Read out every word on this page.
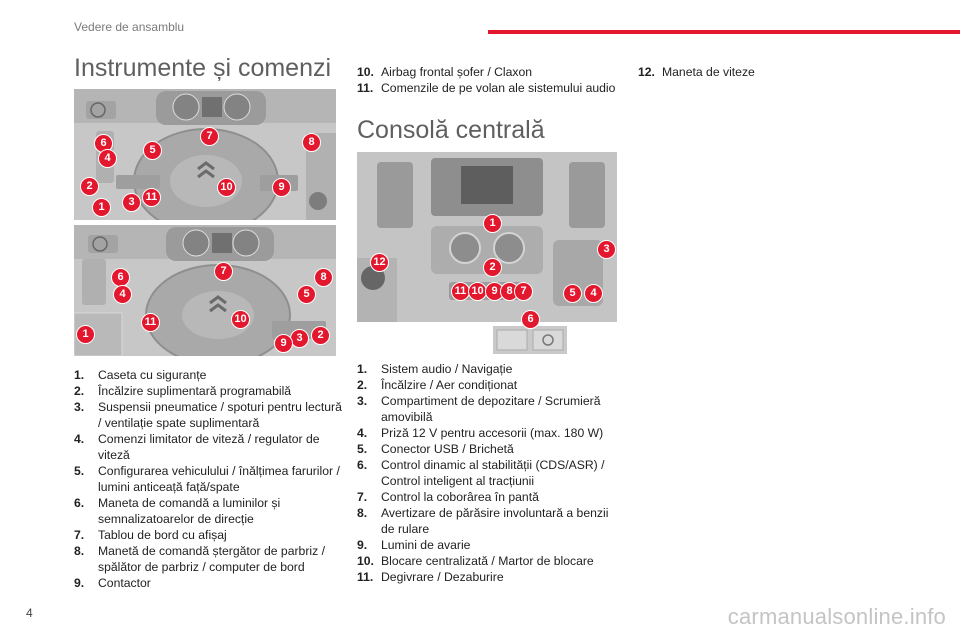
Vedere de ansamblu
Instrumente și comenzi
6
4
5
7	8
2
3	11
10	9
1
6
4
7	8
5
1
11	10
3	2
9
1. Caseta cu siguranțe
2. Încălzire suplimentară programabilă
3. Suspensii pneumatice / spoturi pentru lectură / ventilație spate suplimentară
4. Comenzi limitator de viteză / regulator de viteză
5. Configurarea vehiculului / înălțimea farurilor / lumini anticeață față/spate
6. Maneta de comandă a luminilor și semnalizatoarelor de direcție
7. Tablou de bord cu afișaj
8. Manetă de comandă ștergător de parbriz / spălător de parbriz / computer de bord
9. Contactor
10. Airbag frontal șofer / Claxon
11. Comenzile de pe volan ale sistemului audio
Consolă centrală
1
2
3
12
11 10 9 8 7	5	4
6
1. Sistem audio / Navigație
2. Încălzire / Aer condiționat
3. Compartiment de depozitare / Scrumieră amovibilă
4. Priză 12 V pentru accesorii (max. 180 W)
5. Conector USB / Brichetă
6. Control dinamic al stabilității (CDS/ASR) / Control inteligent al tracțiunii
7. Control la coborârea în pantă
8. Avertizare de părăsire involuntară a benzii de rulare
9. Lumini de avarie
10. Blocare centralizată / Martor de blocare
11. Degivrare / Dezaburire
12. Maneta de viteze
4	carmanualsonline.info
